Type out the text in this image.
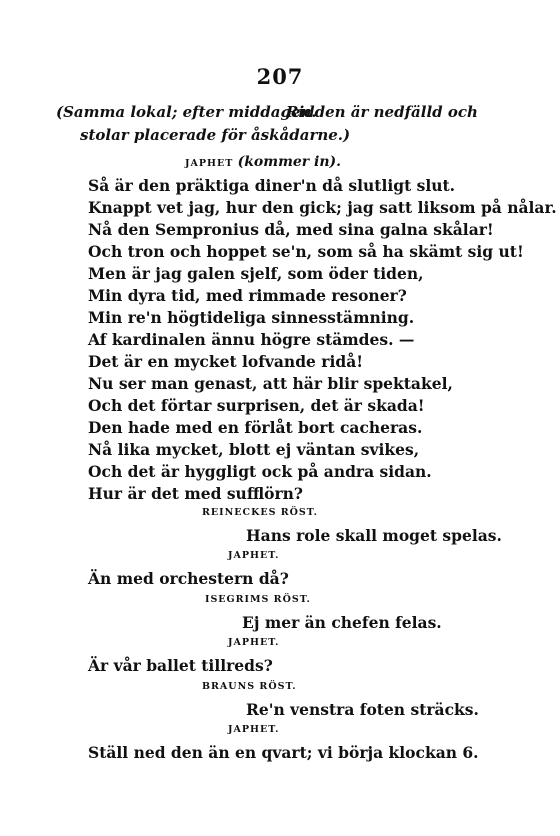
207
(Samma lokal; efter middagen.
Ridden är nedfälld och
stolar placerade för åskådarne.)
JAPHET (kommer in).
Så är den präktiga diner'n då slutligt slut.
Knappt vet jag, hur den gick; jag satt liksom på nålar.
Nå den Sempronius då, med sina galna skålar!
Och tron och hoppet se'n, som så ha skämt sig ut!
Men är jag galen sjelf, som öder tiden,
Min dyra tid, med rimmade resoner?
Min re'n högtideliga sinnesstämning.
Af kardinalen ännu högre stämdes. —
Det är en mycket lofvande ridå!
Nu ser man genast, att här blir spektakel,
Och det förtar surprisen, det är skada!
Den hade med en förlåt bort cacheras.
Nå lika mycket, blott ej väntan svikes,
Och det är hyggligt ock på andra sidan.
Hur är det med sufflörn?
REINECKES RÖST.
Hans role skall moget spelas.
JAPHET.
Än med orchestern då?
ISEGRIMS RÖST.
Ej mer än chefen felas.
JAPHET.
Är vår ballet tillreds?
BRAUNS RÖST.
Re'n venstra foten sträcks.
JAPHET.
Ställ ned den än en qvart; vi börja klockan 6.
